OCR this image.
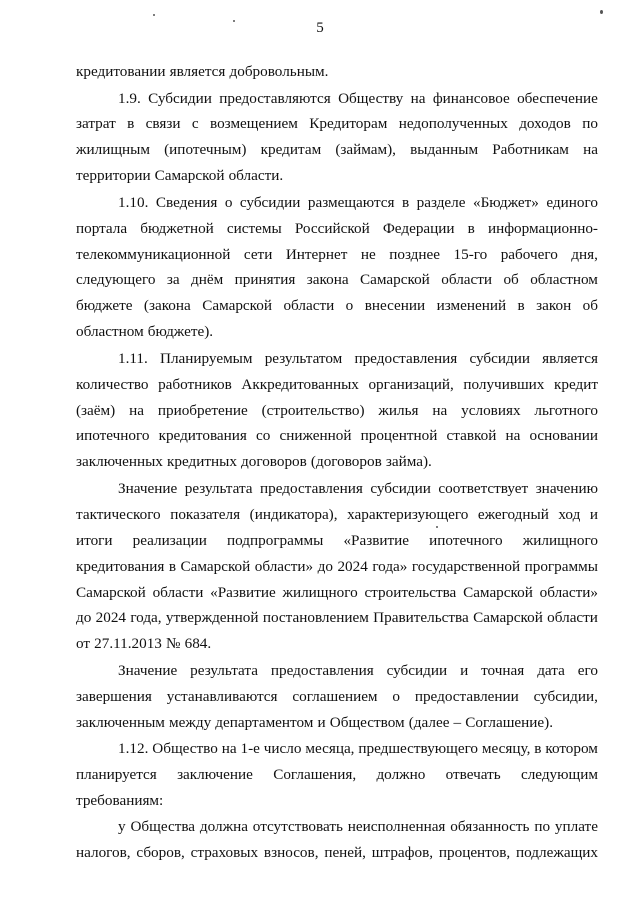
5
кредитовании является добровольным.
1.9. Субсидии предоставляются Обществу на финансовое обеспечение
затрат в связи с возмещением Кредиторам недополученных доходов по
жилищным (ипотечным) кредитам (займам), выданным Работникам на
территории Самарской области.
1.10. Сведения о субсидии размещаются в разделе «Бюджет» единого
портала бюджетной системы Российской Федерации в информационно-
телекоммуникационной сети Интернет не позднее 15-го рабочего дня,
следующего за днём принятия закона Самарской области об областном
бюджете (закона Самарской области о внесении изменений в закон об
областном бюджете).
1.11. Планируемым результатом предоставления субсидии является
количество работников Аккредитованных организаций, получивших кредит
(заём) на приобретение (строительство) жилья на условиях льготного
ипотечного кредитования со сниженной процентной ставкой на основании
заключенных кредитных договоров (договоров займа).
Значение результата предоставления субсидии соответствует значению
тактического показателя (индикатора), характеризующего ежегодный ход и
итоги реализации подпрограммы «Развитие ипотечного жилищного
кредитования в Самарской области» до 2024 года» государственной программы
Самарской области «Развитие жилищного строительства Самарской области»
до 2024 года, утвержденной постановлением Правительства Самарской области
от 27.11.2013 № 684.
Значение результата предоставления субсидии и точная дата его
завершения устанавливаются соглашением о предоставлении субсидии,
заключенным между департаментом и Обществом (далее – Соглашение).
1.12. Общество на 1-е число месяца, предшествующего месяцу, в котором
планируется заключение Соглашения, должно отвечать следующим
требованиям:
у Общества должна отсутствовать неисполненная обязанность по уплате
налогов, сборов, страховых взносов, пеней, штрафов, процентов, подлежащих
